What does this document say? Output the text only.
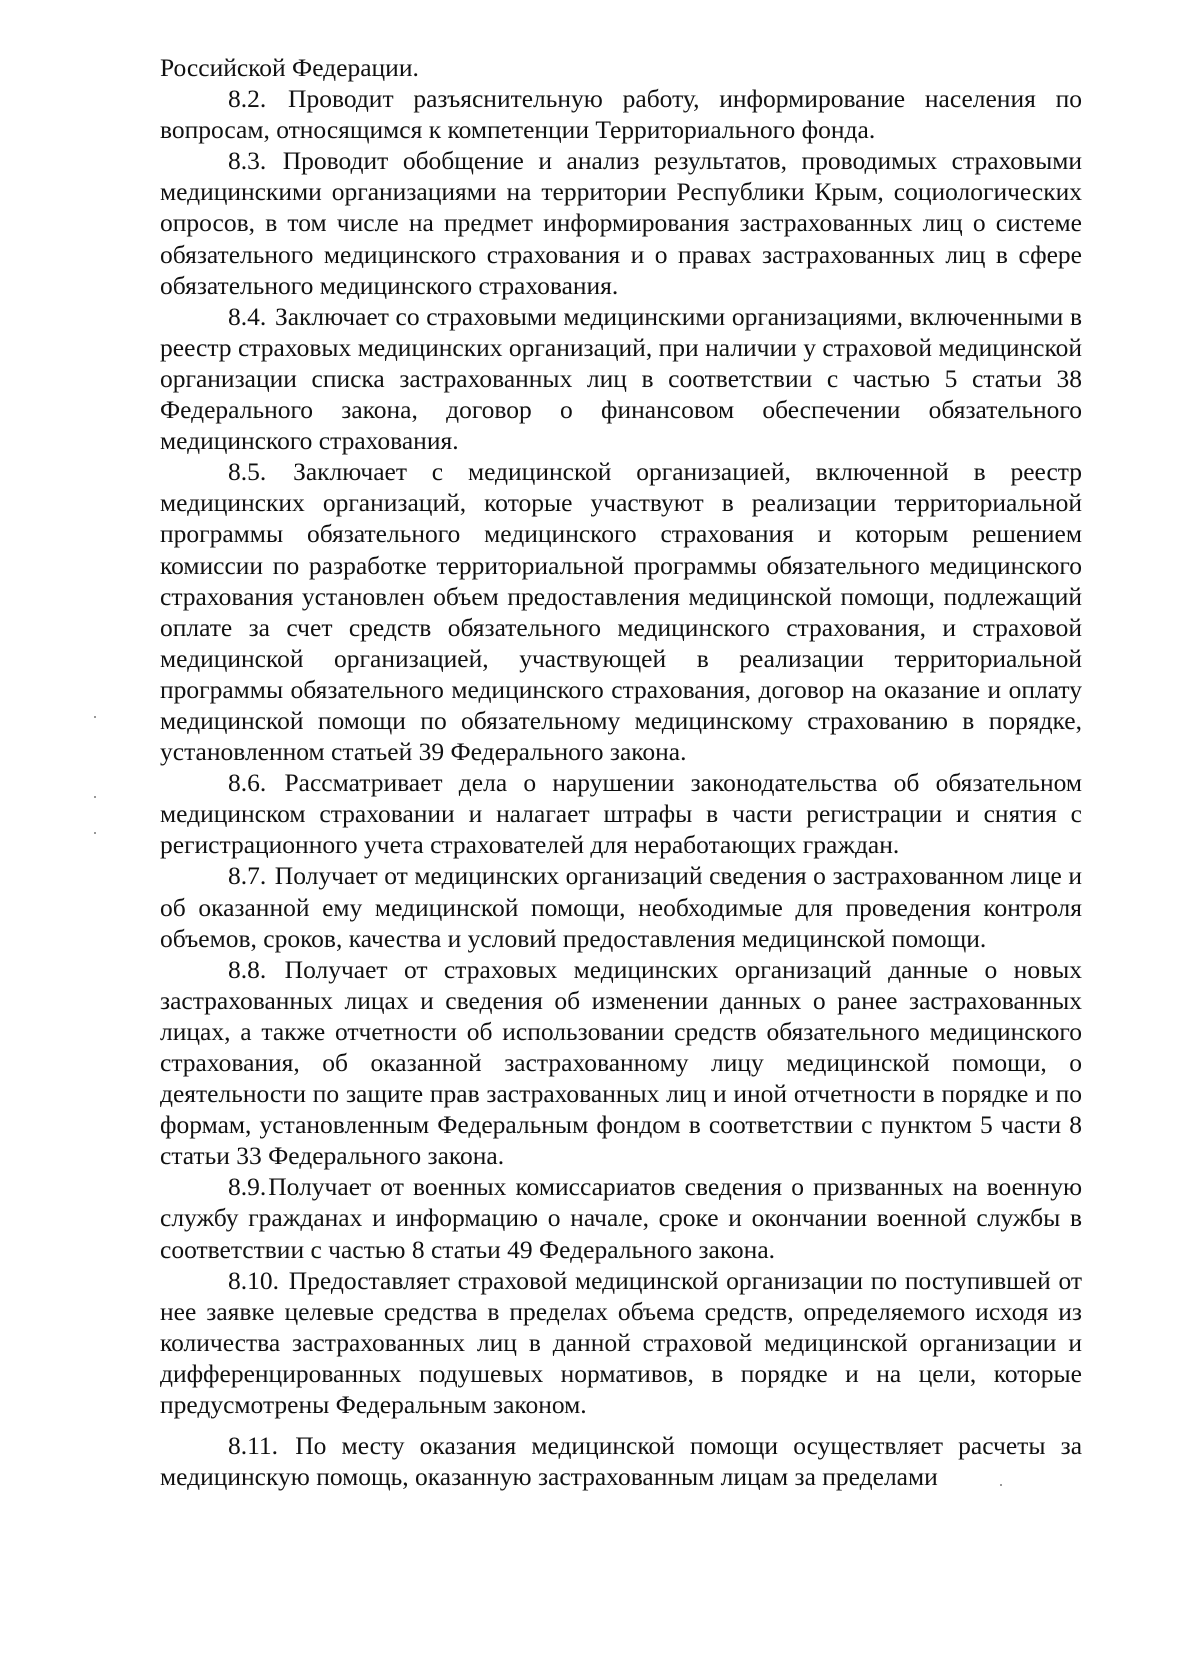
Российской Федерации.

8.2. Проводит разъяснительную работу, информирование населения по вопросам, относящимся к компетенции Территориального фонда.

8.3. Проводит обобщение и анализ результатов, проводимых страховыми медицинскими организациями на территории Республики Крым, социологических опросов, в том числе на предмет информирования застрахованных лиц о системе обязательного медицинского страхования и о правах застрахованных лиц в сфере обязательного медицинского страхования.

8.4. Заключает со страховыми медицинскими организациями, включенными в реестр страховых медицинских организаций, при наличии у страховой медицинской организации списка застрахованных лиц в соответствии с частью 5 статьи 38 Федерального закона, договор о финансовом обеспечении обязательного медицинского страхования.

8.5. Заключает с медицинской организацией, включенной в реестр медицинских организаций, которые участвуют в реализации территориальной программы обязательного медицинского страхования и которым решением комиссии по разработке территориальной программы обязательного медицинского страхования установлен объем предоставления медицинской помощи, подлежащий оплате за счет средств обязательного медицинского страхования, и страховой медицинской организацией, участвующей в реализации территориальной программы обязательного медицинского страхования, договор на оказание и оплату медицинской помощи по обязательному медицинскому страхованию в порядке, установленном статьей 39 Федерального закона.

8.6. Рассматривает дела о нарушении законодательства об обязательном медицинском страховании и налагает штрафы в части регистрации и снятия с регистрационного учета страхователей для неработающих граждан.

8.7. Получает от медицинских организаций сведения о застрахованном лице и об оказанной ему медицинской помощи, необходимые для проведения контроля объемов, сроков, качества и условий предоставления медицинской помощи.

8.8. Получает от страховых медицинских организаций данные о новых застрахованных лицах и сведения об изменении данных о ранее застрахованных лицах, а также отчетности об использовании средств обязательного медицинского страхования, об оказанной застрахованному лицу медицинской помощи, о деятельности по защите прав застрахованных лиц и иной отчетности в порядке и по формам, установленным Федеральным фондом в соответствии с пунктом 5 части 8 статьи 33 Федерального закона.

8.9.Получает от военных комиссариатов сведения о призванных на военную службу гражданах и информацию о начале, сроке и окончании военной службы в соответствии с частью 8 статьи 49 Федерального закона.

8.10. Предоставляет страховой медицинской организации по поступившей от нее заявке целевые средства в пределах объема средств, определяемого исходя из количества застрахованных лиц в данной страховой медицинской организации и дифференцированных подушевых нормативов, в порядке и на цели, которые предусмотрены Федеральным законом.

8.11. По месту оказания медицинской помощи осуществляет расчеты за медицинскую помощь, оказанную застрахованным лицам за пределами
